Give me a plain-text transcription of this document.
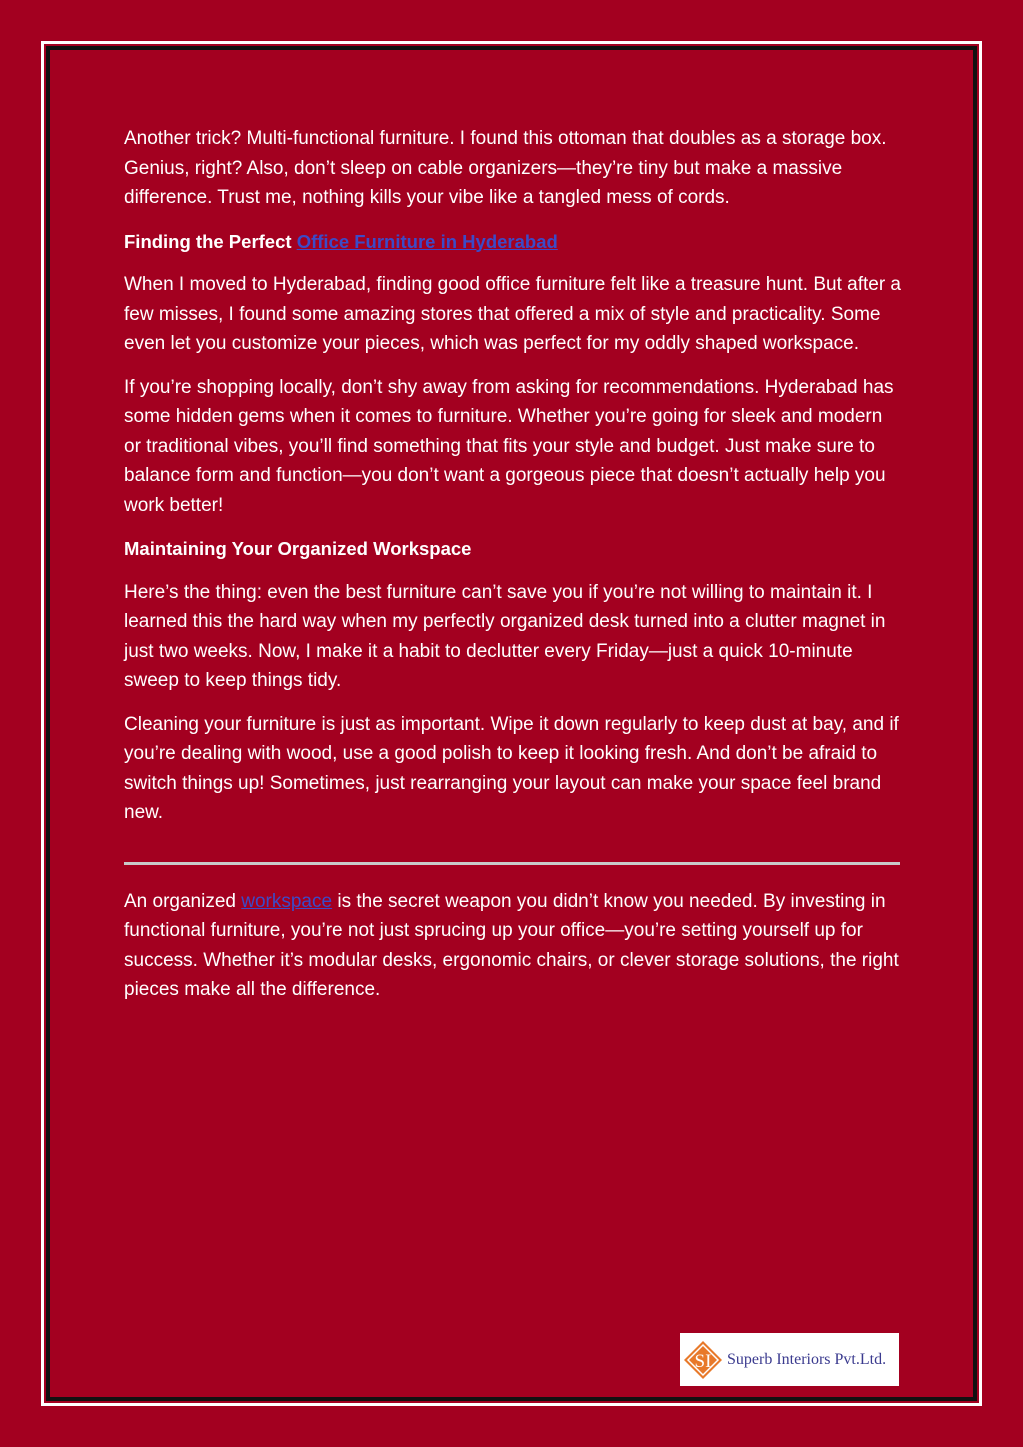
Another trick? Multi-functional furniture. I found this ottoman that doubles as a storage box. Genius, right? Also, don’t sleep on cable organizers—they’re tiny but make a massive difference. Trust me, nothing kills your vibe like a tangled mess of cords.

Finding the Perfect Office Furniture in Hyderabad

When I moved to Hyderabad, finding good office furniture felt like a treasure hunt. But after a few misses, I found some amazing stores that offered a mix of style and practicality. Some even let you customize your pieces, which was perfect for my oddly shaped workspace.

If you’re shopping locally, don’t shy away from asking for recommendations. Hyderabad has some hidden gems when it comes to furniture. Whether you’re going for sleek and modern or traditional vibes, you’ll find something that fits your style and budget. Just make sure to balance form and function—you don’t want a gorgeous piece that doesn’t actually help you work better!

Maintaining Your Organized Workspace

Here’s the thing: even the best furniture can’t save you if you’re not willing to maintain it. I learned this the hard way when my perfectly organized desk turned into a clutter magnet in just two weeks. Now, I make it a habit to declutter every Friday—just a quick 10-minute sweep to keep things tidy.

Cleaning your furniture is just as important. Wipe it down regularly to keep dust at bay, and if you’re dealing with wood, use a good polish to keep it looking fresh. And don’t be afraid to switch things up! Sometimes, just rearranging your layout can make your space feel brand new.

An organized workspace is the secret weapon you didn’t know you needed. By investing in functional furniture, you’re not just sprucing up your office—you’re setting yourself up for success. Whether it’s modular desks, ergonomic chairs, or clever storage solutions, the right pieces make all the difference.

SI Superb Interiors Pvt.Ltd.
